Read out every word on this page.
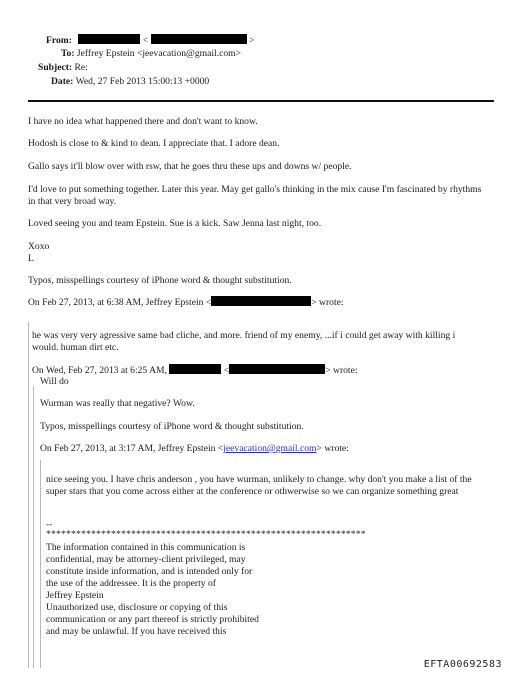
From:	<	>
To: Jeffrey Epstein <jeevacation@gmail.com>
Subject: Re:
Date: Wed, 27 Feb 2013 15:00:13 +0000
I have no idea what happened there and don't want to know.
Hodosh is close to & kind to dean. I appreciate that. I adore dean.
Gallo says it'll blow over with rsw, that he goes thru these ups and downs w/ people.
I'd love to put something together. Later this year. May get gallo's thinking in the mix cause I'm fascinated by rhythms in that very broad way.
Loved seeing you and team Epstein. Sue is a kick. Saw Jenna last night, too.
Xoxo
L
Typos, misspellings courtesy of iPhone word & thought substitution.
On Feb 27, 2013, at 6:38 AM, Jeffrey Epstein <	> wrote:
he was very very agressive same bad cliche, and more. friend of my enemy, ...if i could get away with killing i would. human dirt etc.
On Wed, Feb 27, 2013 at 6:25 AM,	<	> wrote:
Will do
Wurman was really that negative? Wow.
Typos, misspellings courtesy of iPhone word & thought substitution.
On Feb 27, 2013, at 3:17 AM, Jeffrey Epstein <jeevacation@gmail.com> wrote:
nice seeing you. I have chris anderson , you have wurman, unlikely to change. why don't you make a list of the super stars that you come across either at the conference or othwerwise so we can organize something great
--
****************************************************************
The information contained in this communication is
confidential, may be attorney-client privileged, may
constitute inside information, and is intended only for
the use of the addressee. It is the property of
Jeffrey Epstein
Unauthorized use, disclosure or copying of this
communication or any part thereof is strictly prohibited
and may be unlawful. If you have received this
EFTA00692583
